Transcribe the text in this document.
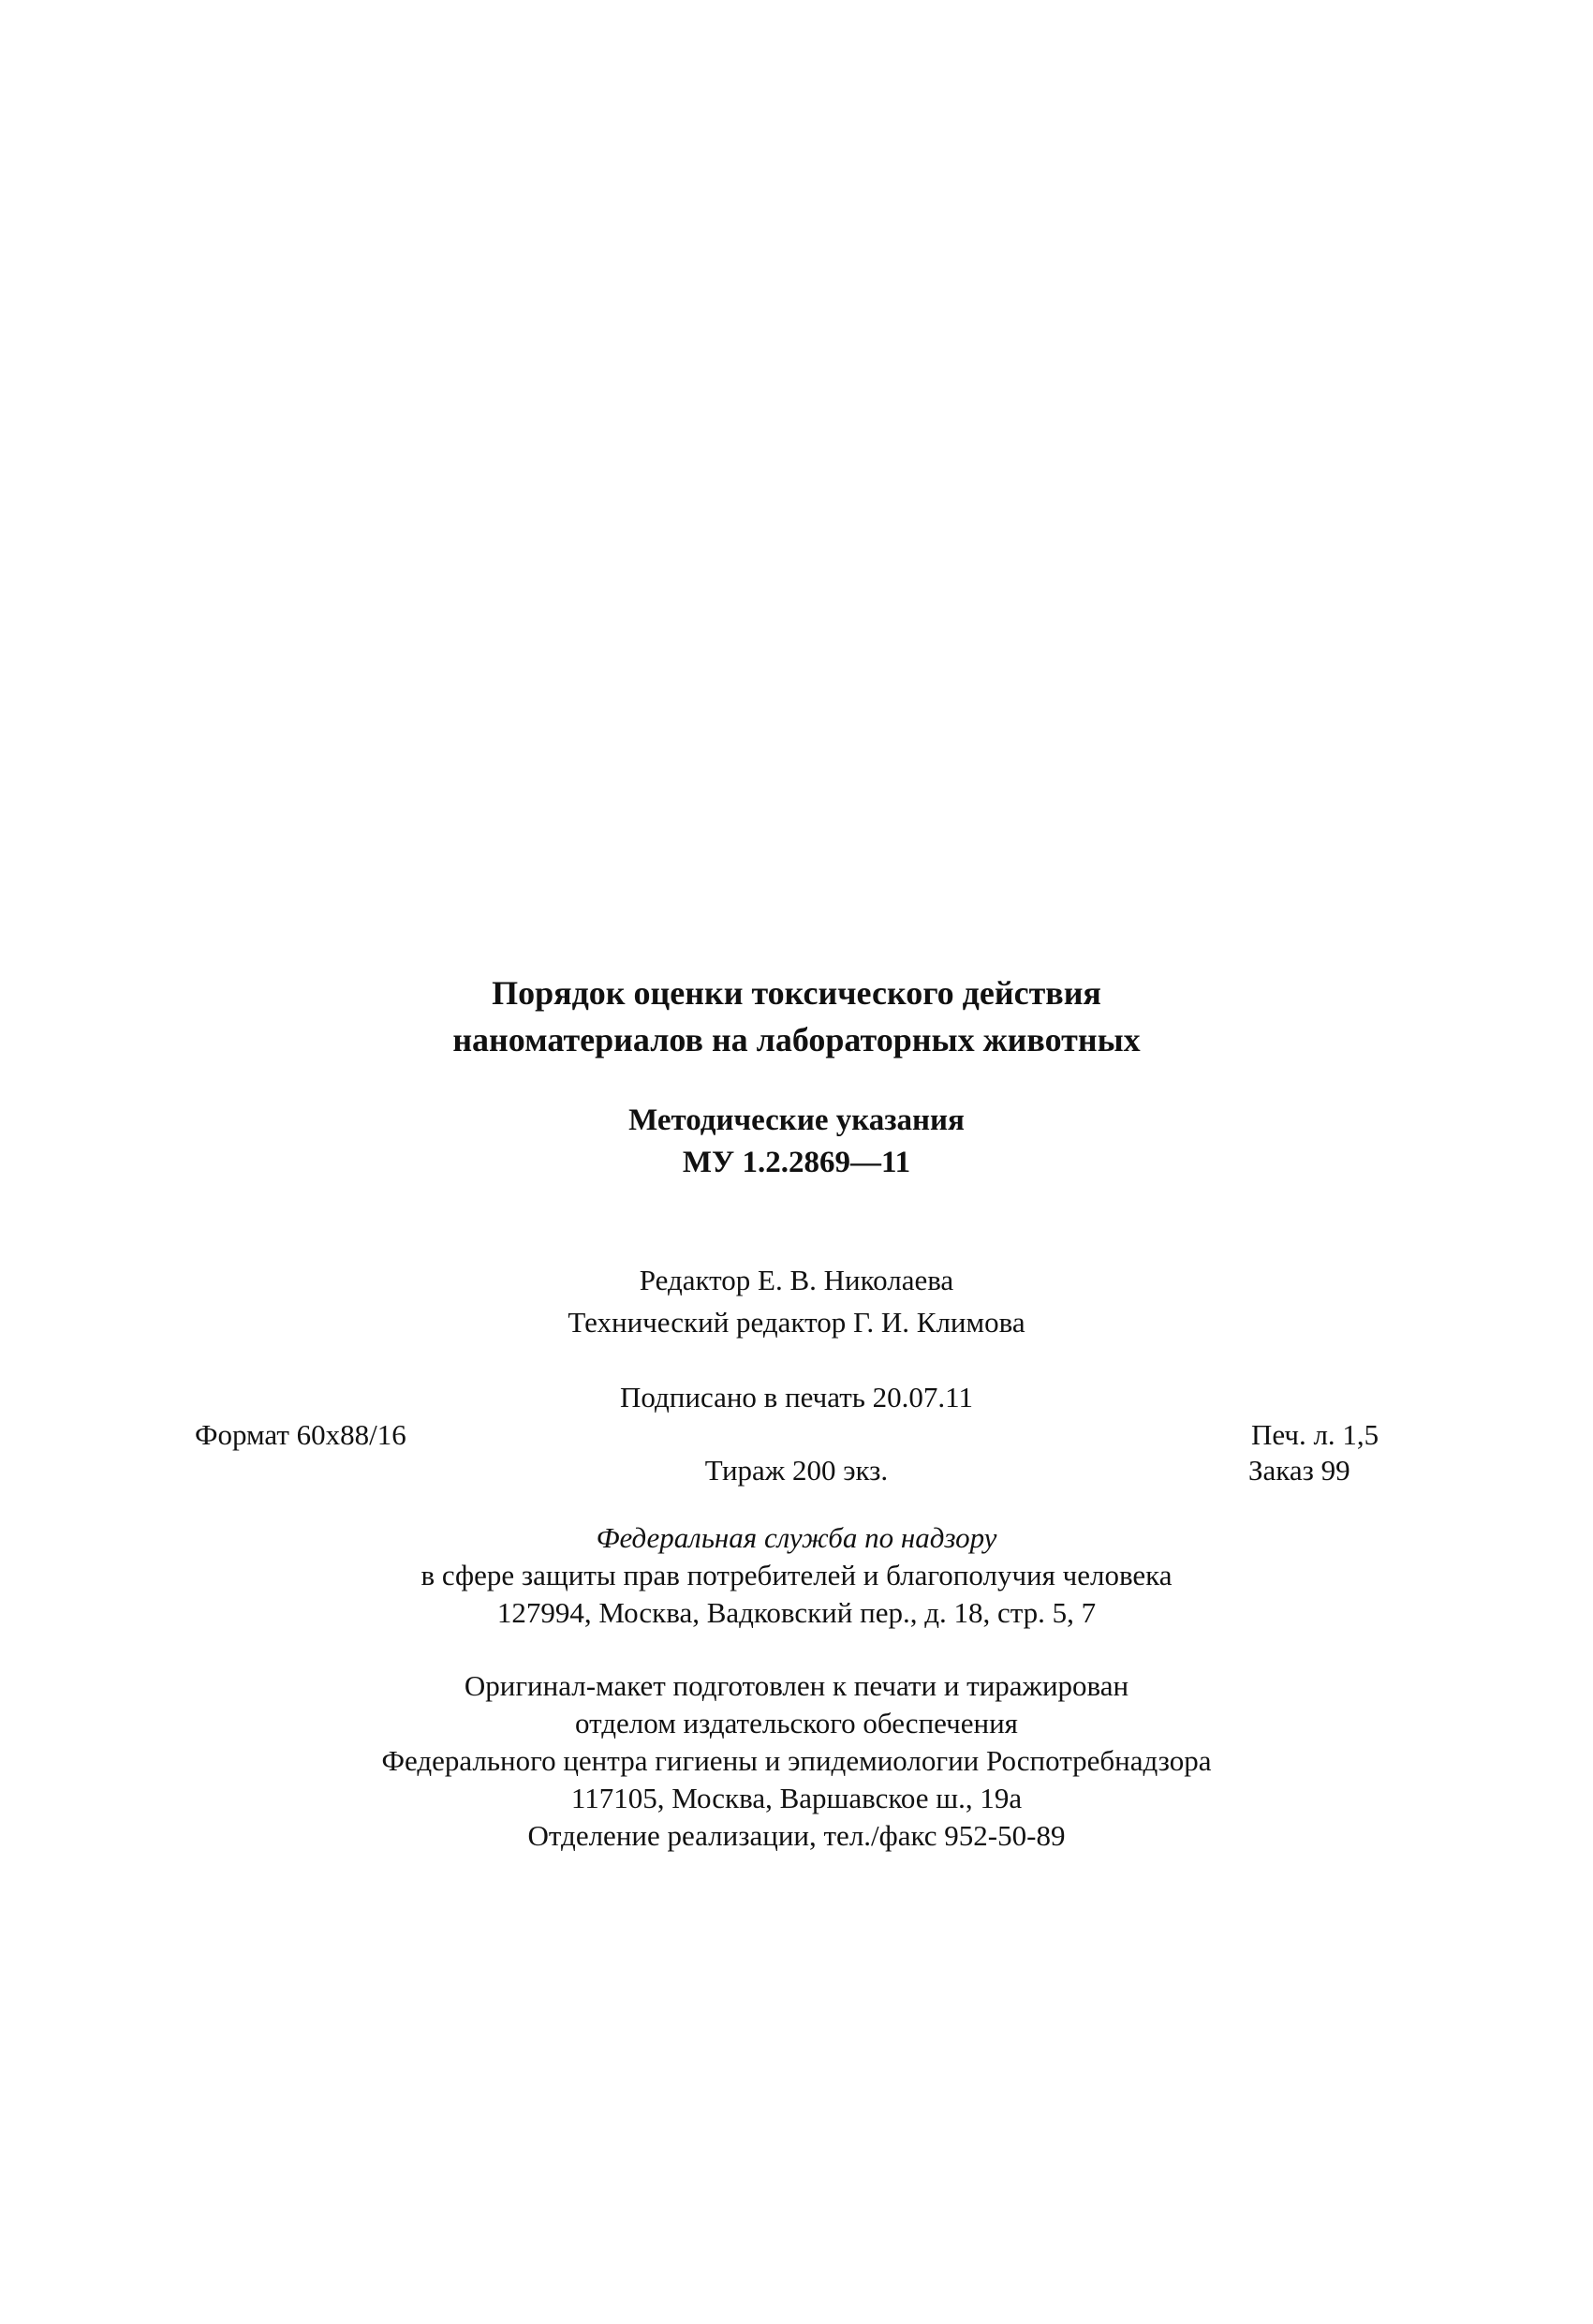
Порядок оценки токсического действия
наноматериалов на лабораторных животных
Методические указания
МУ 1.2.2869—11
Редактор Е. В. Николаева
Технический редактор Г. И. Климова
Подписано в печать 20.07.11
Формат 60x88/16	Печ. л. 1,5
Тираж 200 экз.	Заказ 99
Федеральная служба по надзору
в сфере защиты прав потребителей и благополучия человека
127994, Москва, Вадковский пер., д. 18, стр. 5, 7
Оригинал-макет подготовлен к печати и тиражирован
отделом издательского обеспечения
Федерального центра гигиены и эпидемиологии Роспотребнадзора
117105, Москва, Варшавское ш., 19а
Отделение реализации, тел./факс 952-50-89
